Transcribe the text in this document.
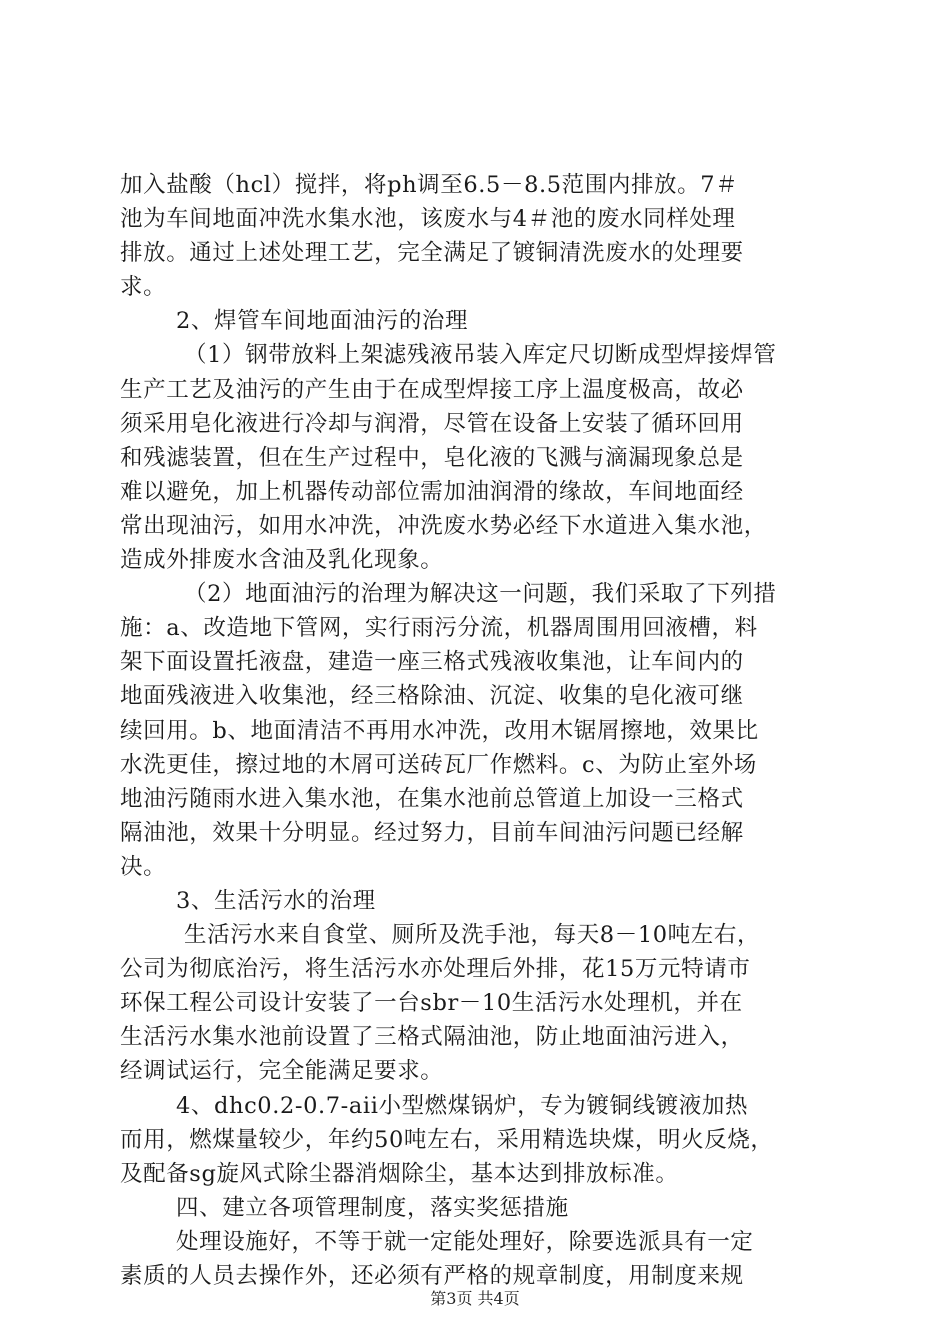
加入盐酸（hcl）搅拌，将ph调至6.5－8.5范围内排放。7＃
池为车间地面冲洗水集水池，该废水与4＃池的废水同样处理
排放。通过上述处理工艺，完全满足了镀铜清洗废水的处理要
求。
2、焊管车间地面油污的治理
（1）钢带放料上架滤残液吊装入库定尺切断成型焊接焊管
生产工艺及油污的产生由于在成型焊接工序上温度极高，故必
须采用皂化液进行冷却与润滑，尽管在设备上安装了循环回用
和残滤装置，但在生产过程中，皂化液的飞溅与滴漏现象总是
难以避免，加上机器传动部位需加油润滑的缘故，车间地面经
常出现油污，如用水冲洗，冲洗废水势必经下水道进入集水池，
造成外排废水含油及乳化现象。
（2）地面油污的治理为解决这一问题，我们采取了下列措
施：a、改造地下管网，实行雨污分流，机器周围用回液槽，料
架下面设置托液盘，建造一座三格式残液收集池，让车间内的
地面残液进入收集池，经三格除油、沉淀、收集的皂化液可继
续回用。b、地面清洁不再用水冲洗，改用木锯屑擦地，效果比
水洗更佳，擦过地的木屑可送砖瓦厂作燃料。c、为防止室外场
地油污随雨水进入集水池，在集水池前总管道上加设一三格式
隔油池，效果十分明显。经过努力，目前车间油污问题已经解
决。
3、生活污水的治理
生活污水来自食堂、厕所及洗手池，每天8－10吨左右，
公司为彻底治污，将生活污水亦处理后外排，花15万元特请市
环保工程公司设计安装了一台sbr－10生活污水处理机，并在
生活污水集水池前设置了三格式隔油池，防止地面油污进入，
经调试运行，完全能满足要求。
4、dhc0.2-0.7-aii小型燃煤锅炉，专为镀铜线镀液加热
而用，燃煤量较少，年约50吨左右，采用精选块煤，明火反烧，
及配备sg旋风式除尘器消烟除尘，基本达到排放标准。
四、建立各项管理制度，落实奖惩措施
处理设施好，不等于就一定能处理好，除要选派具有一定
素质的人员去操作外，还必须有严格的规章制度，用制度来规
第3页 共4页
